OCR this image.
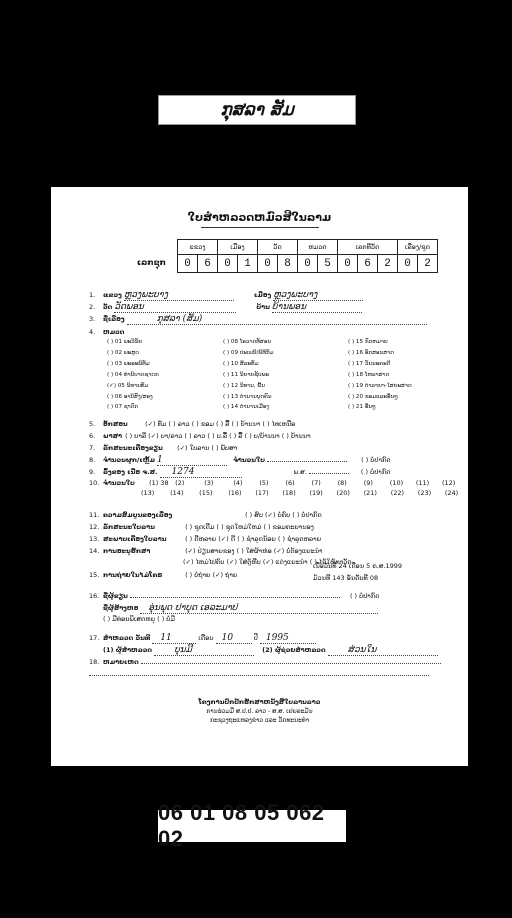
ກຸສລາ ສັມ
ໃບສຳຫລວດຫມົວສີໃນລາມ
ເລກຊຸກ
ແຂວງ		ເມືອງ		ວັດ		ຫມວດ		ເລກທີວັດ			ເລືອງ/ຊຸດ	
0	6	0	1	0	8	0	5	0	6	2	0	2
1. ແຂວງ ຫຼວງພະບາງ	ເມືອງ ຫຼວງພະບາງ
2. ວັດ ວັດພອນ	ບ້ານ ບ້ານພອນ
3. ຊື່ເລືອງ	ກຸສລາ (ສັມ)
4. ຫມວດ
( ) 01 ພະວິນັຍ
( ) 02 ພະສູດ
( ) 03 ພະອະພິທັມ
( ) 04 ທຳນິບາດຊາດກ
(✓) 05 ນິທານທັມ
( ) 06 ອານິສົງ/ສອງ
( ) 07 ຊາດົກ
( ) 08 ໂອວາດທັສອນ
( ) 09 ປະເພນີ/ພິທີກັມ
( ) 10 ສີລະທັມ
( ) 11 ນິຍາຍຊັບພະ
( ) 12 ນິທານ, ພື້ນ
( ) 13 ຕຳນານບຸດຄົນ
( ) 14 ຕຳນານເມືອງ
( ) 15 ກົດຫມາຍ
( ) 16 ອັກສອນສາດ
( ) 17 ວັນນະຄະດີ
( ) 18 ໂຫລາສາດ
( ) 19 ຕຳລາຍາ-ໄສຍະສາດ
( ) 20 ຂອມແລະອື່ນໆ
( ) 21 ອື່ນໆ
5. ອັກສອນ	(✓) ທັມ ( ) ລາວ ( ) ຂອມ ( ) ລື້ ( ) ບ້ານນາ ( ) ໄທເຫນືອ
6. ພາສາ ( ) ບາລີ (✓) ບາ/ລາວ ( ) ລາວ ( ) ບ.ລື້ ( ) ລື້ ( ) ບ/ບ້ານນາ ( ) ບ້ານນາ
7. ລັກສະນະເຄື່ອງຂຽນ (✓) ໃບລານ ( ) ພັບສາ
8. ຈຳນວນຜູກ/ເຫຼັ້ມ 1	ຈຳນວນໃບ	( ) ບໍ່ປາກົດ
9. ລຶ້ງຂອງ ເນື່ອ ຈ.ສ. 1274	ພ.ສ.	( ) ບໍ່ປາກົດ
10. ຈຳນວນໃບ (1) 38 (2)	(3)	(4)	(5)	(6)	(7)	(8)	(9)	(10) (11) (12)
(13) (14) (15) (16) (17) (18) (19) (20) (21) (22) (23) (24)
11. ຄວາມສົມບູນຂອງເລື່ອງ	( ) ສົບ (✓) ບໍ່ຄົບ ( ) ບໍ່ປາກົດ
12. ລັກສະນະໃບລານ	( ) ຊຸດເດີມ ( ) ຊຸດໃຫມ່ໃຫມ່ ( ) ຂອມຄະຍານອງ
13. ສະພາບເຄື່ອງໃບລານ	( ) ດີຫລາຍ (✓) ດີ ( ) ຊຳລຸດນ້ອຍ ( ) ຊຳລຸດຫລາຍ
14. ການອະນຸຮັກສາ	(✓) ປ່ຽນສາຍຂອງ ( ) ໃສ່ຜ້າຫ່ອ (✓) ບໍ່ຕ້ອງແຍະນຳ
(✓) ໄຫມ່ໄປຄົບ (✓) ໃສ່ຕູ້ຫີບ (✓) ແຕ່ງແຍະນຳ ( ) ໄດ້ໃຫ້ທາວັດ
15. ການຖ່າຍໃນໄມ່ໂຄຣ	( ) ບໍ່ຖ່າຍ (✓) ຖ່າຍ
ເນື່ອວັນທີ 24 ເດືອນ 5 ຄ.ສ.1999
ມ້ວນທີ 143 ອັນດັບທີ 08
16. ຊື່ຜູ້ຂຽນ	( ) ບໍ່ປາກົດ
ຊື່ຜູ້ສ້າງຫອ ອຸ່ນພຸດ ປາບຸດ ເອລະມາປ
( ) ມີທ່ອນພິເສດຫຍຸ ( ) ບໍ່ມີ
17. ສຳຫລວດ ວັນທີ 11	ເດືອນ 10	ປີ 1995
(1) ຜູ້ສຳຫລວດ ບຸນມີ	(2) ຜູ້ຊ່ວຍສຳຫລວດ ສ່ວນໃນ
18. ຫມາຍເຫດ
ໂຄງການປົກປັກຮັກສາຫນັງສືໃບລານລາວ
ການຮ່ວມມື ສ.ປ.ປ. ລາວ - ສ.ສ. ເຢຍລະມັນ
ກະຊວງຖະແຫລງຂ່າວ ແລະ ວັດທະນະທຳ
06 01 08 05 062 02
